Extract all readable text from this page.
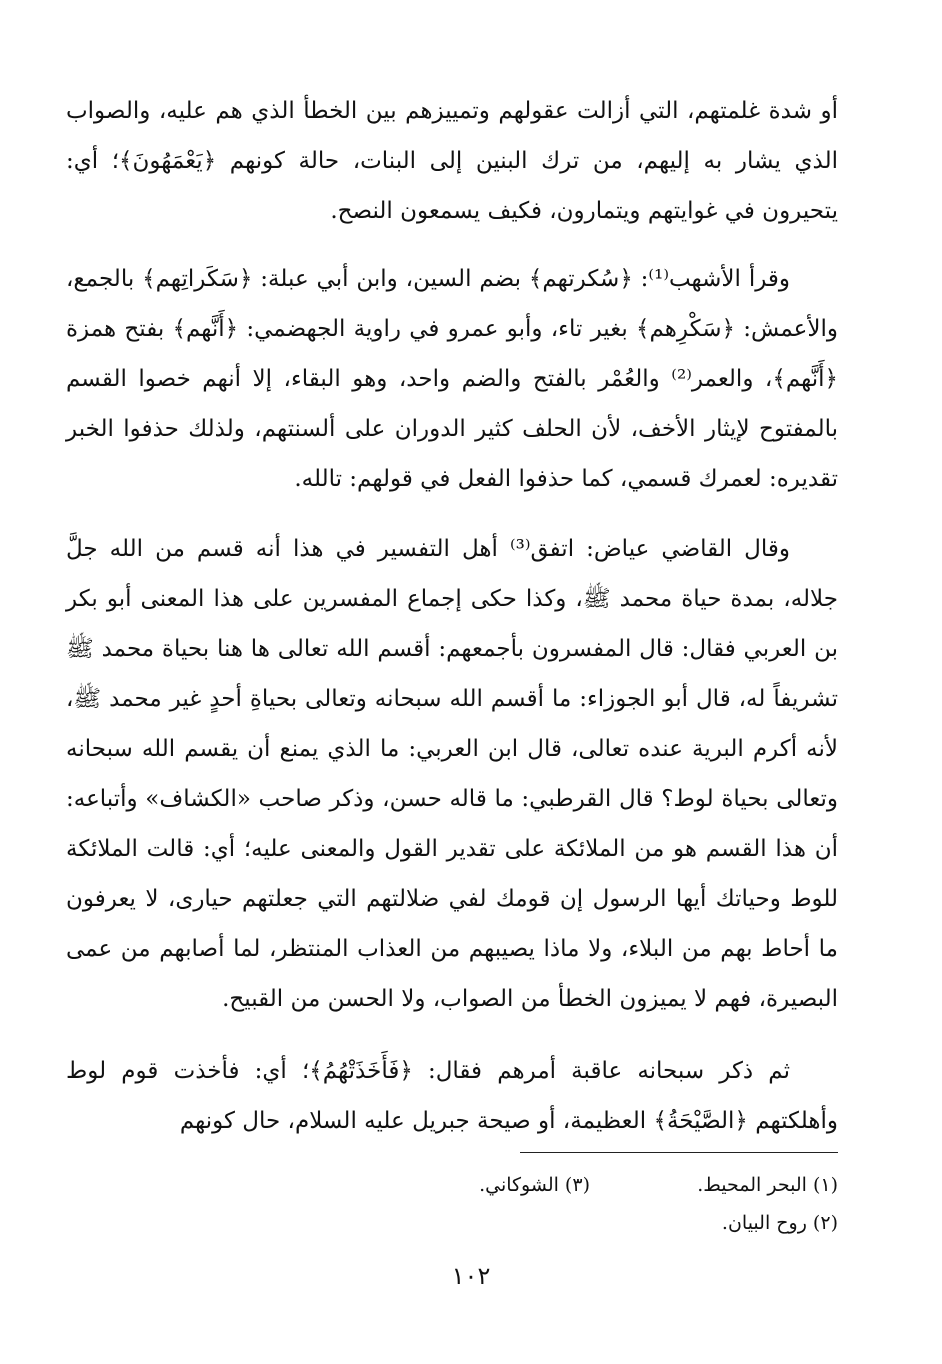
أو شدة غلمتهم، التي أزالت عقولهم وتمييزهم بين الخطأ الذي هم عليه، والصواب الذي يشار به إليهم، من ترك البنين إلى البنات، حالة كونهم ﴿يَعْمَهُونَ﴾؛ أي: يتحيرون في غوايتهم ويتمارون، فكيف يسمعون النصح.

وقرأ الأشهب⁽¹⁾: ﴿سُكرتهم﴾ بضم السين، وابن أبي عبلة: ﴿سَكَراتِهم﴾ بالجمع، والأعمش: ﴿سَكْرِهم﴾ بغير تاء، وأبو عمرو في راوية الجهضمي: ﴿أَنَّهم﴾ بفتح همزة ﴿أَنَّهم﴾، والعمر⁽²⁾ والعُمْر بالفتح والضم واحد، وهو البقاء، إلا أنهم خصوا القسم بالمفتوح لإيثار الأخف، لأن الحلف كثير الدوران على ألسنتهم، ولذلك حذفوا الخبر تقديره: لعمرك قسمي، كما حذفوا الفعل في قولهم: تالله.

وقال القاضي عياض: اتفق⁽³⁾ أهل التفسير في هذا أنه قسم من الله جلَّ جلاله، بمدة حياة محمد ﷺ، وكذا حكى إجماع المفسرين على هذا المعنى أبو بكر بن العربي فقال: قال المفسرون بأجمعهم: أقسم الله تعالى ها هنا بحياة محمد ﷺ تشريفاً له، قال أبو الجوزاء: ما أقسم الله سبحانه وتعالى بحياةِ أحدٍ غير محمد ﷺ، لأنه أكرم البرية عنده تعالى، قال ابن العربي: ما الذي يمنع أن يقسم الله سبحانه وتعالى بحياة لوط؟ قال القرطبي: ما قاله حسن، وذكر صاحب «الكشاف» وأتباعه: أن هذا القسم هو من الملائكة على تقدير القول والمعنى عليه؛ أي: قالت الملائكة للوط وحياتك أيها الرسول إن قومك لفي ضلالتهم التي جعلتهم حيارى، لا يعرفون ما أحاط بهم من البلاء، ولا ماذا يصيبهم من العذاب المنتظر، لما أصابهم من عمى البصيرة، فهم لا يميزون الخطأ من الصواب، ولا الحسن من القبيح.

ثم ذكر سبحانه عاقبة أمرهم فقال: ﴿فَأَخَذَتْهُمُ﴾؛ أي: فأخذت قوم لوط وأهلكتهم ﴿الصَّيْحَةُ﴾ العظيمة، أو صيحة جبريل عليه السلام، حال كونهم

(١) البحر المحيط.
(٣) الشوكاني.
(٢) روح البيان.
١٠٢
